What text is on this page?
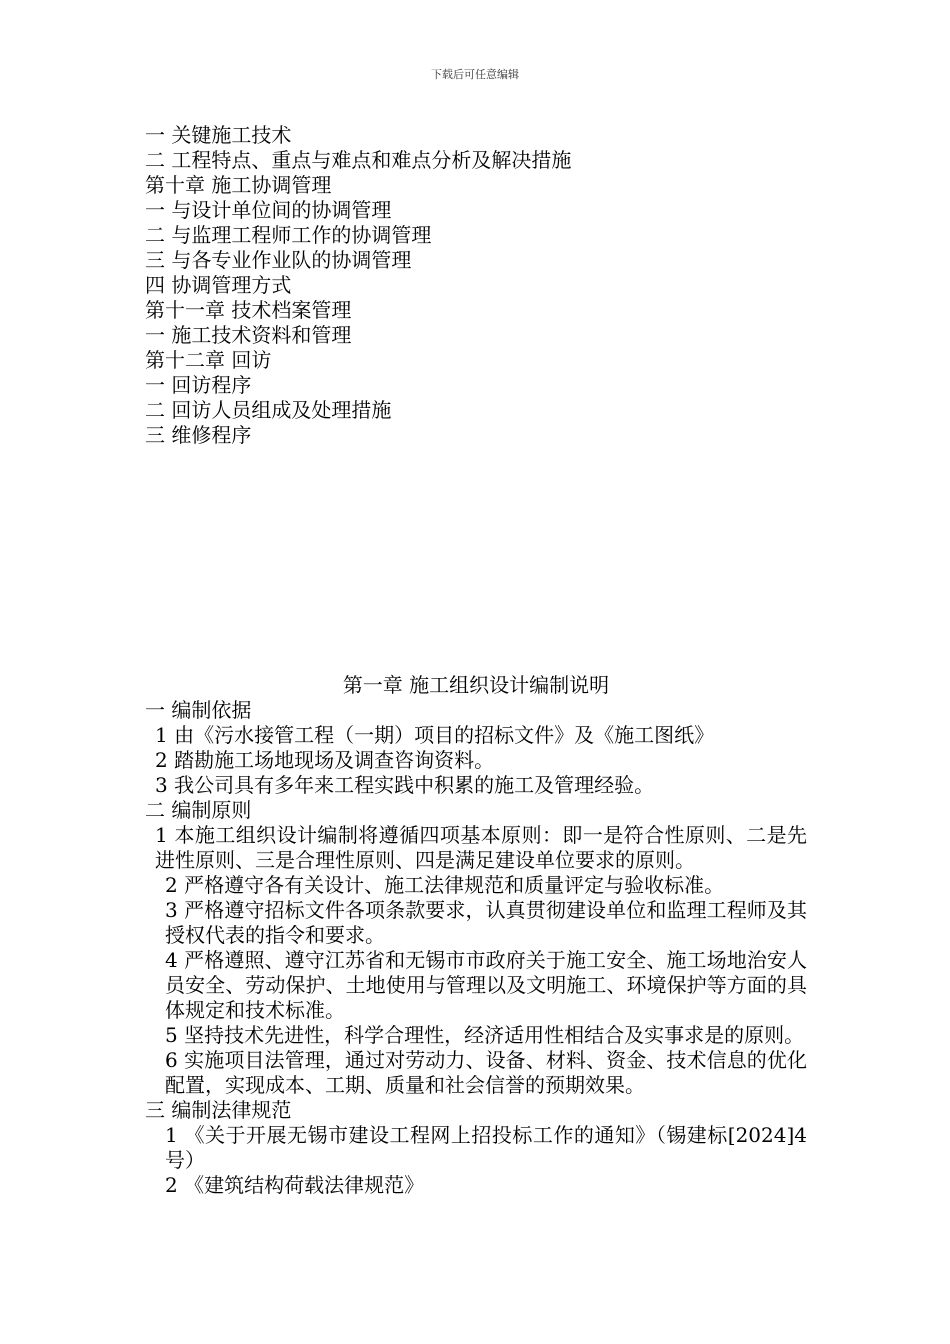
下载后可任意编辑
一 关键施工技术
二 工程特点、重点与难点和难点分析及解决措施
第十章 施工协调管理
一 与设计单位间的协调管理
二 与监理工程师工作的协调管理
三 与各专业作业队的协调管理
四 协调管理方式
第十一章 技术档案管理
一 施工技术资料和管理
第十二章 回访
一 回访程序
二 回访人员组成及处理措施
三 维修程序
第一章 施工组织设计编制说明
一 编制依据
1 由《污水接管工程（一期）项目的招标文件》及《施工图纸》
2 踏勘施工场地现场及调查咨询资料。
3 我公司具有多年来工程实践中积累的施工及管理经验。
二 编制原则
1 本施工组织设计编制将遵循四项基本原则：即一是符合性原则、二是先进性原则、三是合理性原则、四是满足建设单位要求的原则。
2 严格遵守各有关设计、施工法律规范和质量评定与验收标准。
3 严格遵守招标文件各项条款要求，认真贯彻建设单位和监理工程师及其授权代表的指令和要求。
4 严格遵照、遵守江苏省和无锡市市政府关于施工安全、施工场地治安人员安全、劳动保护、土地使用与管理以及文明施工、环境保护等方面的具体规定和技术标准。
5 坚持技术先进性，科学合理性，经济适用性相结合及实事求是的原则。
6 实施项目法管理，通过对劳动力、设备、材料、资金、技术信息的优化配置，实现成本、工期、质量和社会信誉的预期效果。
三 编制法律规范
1 《关于开展无锡市建设工程网上招投标工作的通知》（锡建标[2024]4 号）
2 《建筑结构荷载法律规范》
